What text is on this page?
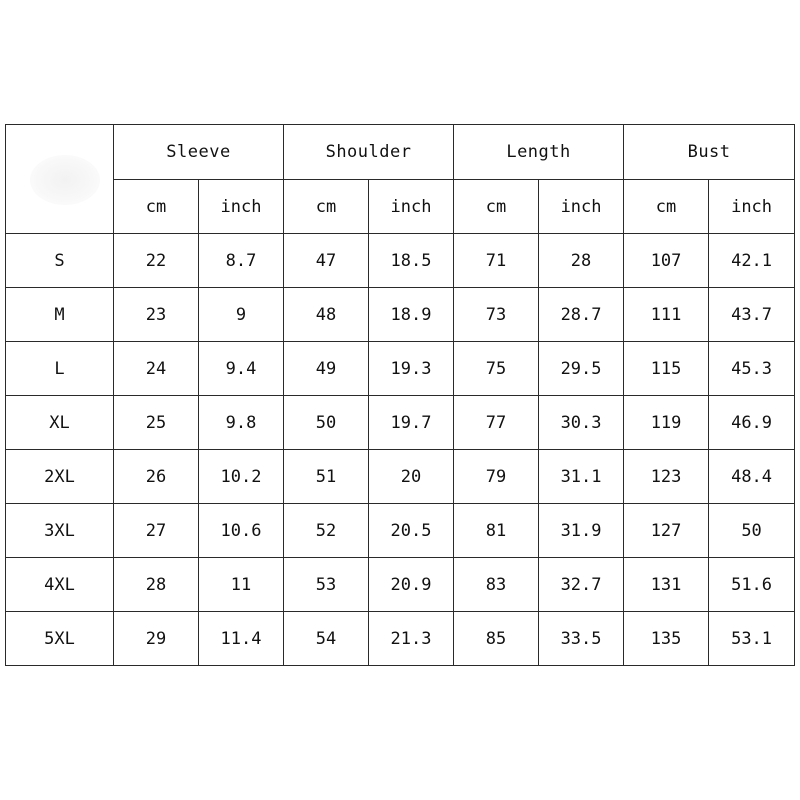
	Sleeve		Shoulder		Length		Bust	
	cm	inch	cm	inch	cm	inch	cm	inch
S	22	8.7	47	18.5	71	28	107	42.1
M	23	9	48	18.9	73	28.7	111	43.7
L	24	9.4	49	19.3	75	29.5	115	45.3
XL	25	9.8	50	19.7	77	30.3	119	46.9
2XL	26	10.2	51	20	79	31.1	123	48.4
3XL	27	10.6	52	20.5	81	31.9	127	50
4XL	28	11	53	20.9	83	32.7	131	51.6
5XL	29	11.4	54	21.3	85	33.5	135	53.1
